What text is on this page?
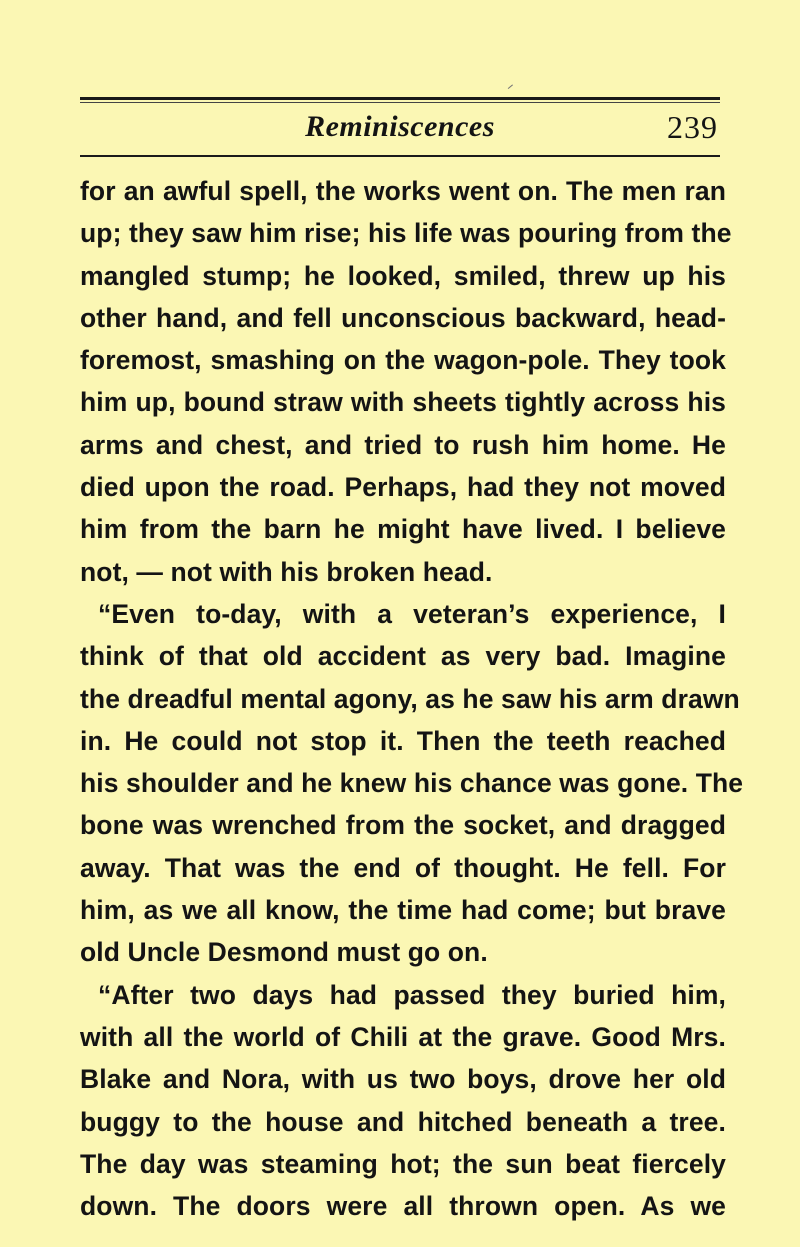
Reminiscences	239
for an awful spell, the works went on. The men ran
up; they saw him rise; his life was pouring from the
mangled stump; he looked, smiled, threw up his
other hand, and fell unconscious backward, head-
foremost, smashing on the wagon-pole. They took
him up, bound straw with sheets tightly across his
arms and chest, and tried to rush him home. He
died upon the road. Perhaps, had they not moved
him from the barn he might have lived. I believe
not, — not with his broken head.
“Even to-day, with a veteran’s experience, I
think of that old accident as very bad. Imagine
the dreadful mental agony, as he saw his arm drawn
in. He could not stop it. Then the teeth reached
his shoulder and he knew his chance was gone. The
bone was wrenched from the socket, and dragged
away. That was the end of thought. He fell. For
him, as we all know, the time had come; but brave
old Uncle Desmond must go on.
“After two days had passed they buried him,
with all the world of Chili at the grave. Good Mrs.
Blake and Nora, with us two boys, drove her old
buggy to the house and hitched beneath a tree.
The day was steaming hot; the sun beat fiercely
down. The doors were all thrown open. As we
